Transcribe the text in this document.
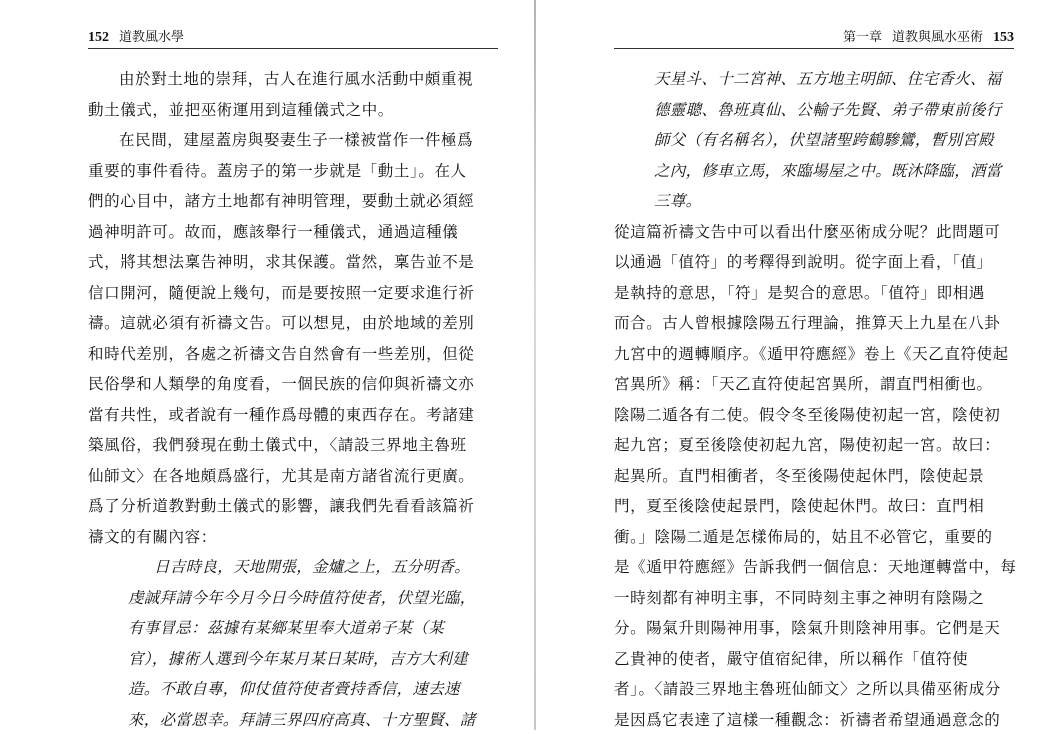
152 道教風水學
由於對土地的崇拜，古人在進行風水活動中頗重視
動土儀式，並把巫術運用到這種儀式之中。
在民間，建屋蓋房與娶妻生子一樣被當作一件極爲
重要的事件看待。蓋房子的第一步就是「動土」。在人
們的心目中，諸方土地都有神明管理，要動土就必須經
過神明許可。故而，應該舉行一種儀式，通過這種儀
式，將其想法稟告神明，求其保護。當然，稟告並不是
信口開河，隨便說上幾句，而是要按照一定要求進行祈
禱。這就必須有祈禱文告。可以想見，由於地域的差別
和時代差別，各處之祈禱文告自然會有一些差別，但從
民俗學和人類學的角度看，一個民族的信仰與祈禱文亦
當有共性，或者說有一種作爲母體的東西存在。考諸建
築風俗，我們發現在動土儀式中，〈請設三界地主魯班
仙師文〉在各地頗爲盛行，尤其是南方諸省流行更廣。
爲了分析道教對動土儀式的影響，讓我們先看看該篇祈
禱文的有關內容：
日吉時良，天地開張，金爐之上，五分明香。
虔誠拜請今年今月今日今時值符使者，伏望光臨，
有事冒忌：茲據有某鄉某里奉大道弟子某（某
官），據術人選到今年某月某日某時，吉方大利建
造。不敢自專，仰仗值符使者賫持香信，速去速
來，必當恩幸。拜請三界四府高真、十方聖賢、諸
第一章 道教與風水巫術 153
天星斗、十二宮神、五方地主明師、住宅香火、福
德靈聰、魯班真仙、公輸子先賢、弟子帶東前後行
師父（有名稱名），伏望諸聖跨鶴驂鸞，暫別宮殿
之內，修車立馬，來臨場屋之中。既沐降臨，酒當
三尊。
從這篇祈禱文告中可以看出什麼巫術成分呢？此問題可
以通過「值符」的考釋得到說明。從字面上看，「值」
是執持的意思，「符」是契合的意思。「值符」即相遇
而合。古人曾根據陰陽五行理論，推算天上九星在八卦
九宮中的週轉順序。《遁甲符應經》卷上《天乙直符使起
宮異所》稱：「天乙直符使起宮異所，謂直門相衝也。
陰陽二遁各有二使。假令冬至後陽使初起一宮，陰使初
起九宮；夏至後陰使初起九宮，陽使初起一宮。故曰：
起異所。直門相衝者，冬至後陽使起休門，陰使起景
門，夏至後陰使起景門，陰使起休門。故曰：直門相
衝。」陰陽二遁是怎樣佈局的，姑且不必管它，重要的
是《遁甲符應經》告訴我們一個信息：天地運轉當中，每
一時刻都有神明主事，不同時刻主事之神明有陰陽之
分。陽氣升則陽神用事，陰氣升則陰神用事。它們是天
乙貴神的使者，嚴守值宿紀律，所以稱作「值符使
者」。〈請設三界地主魯班仙師文〉之所以具備巫術成分
是因爲它表達了這樣一種觀念：祈禱者希望通過意念的
